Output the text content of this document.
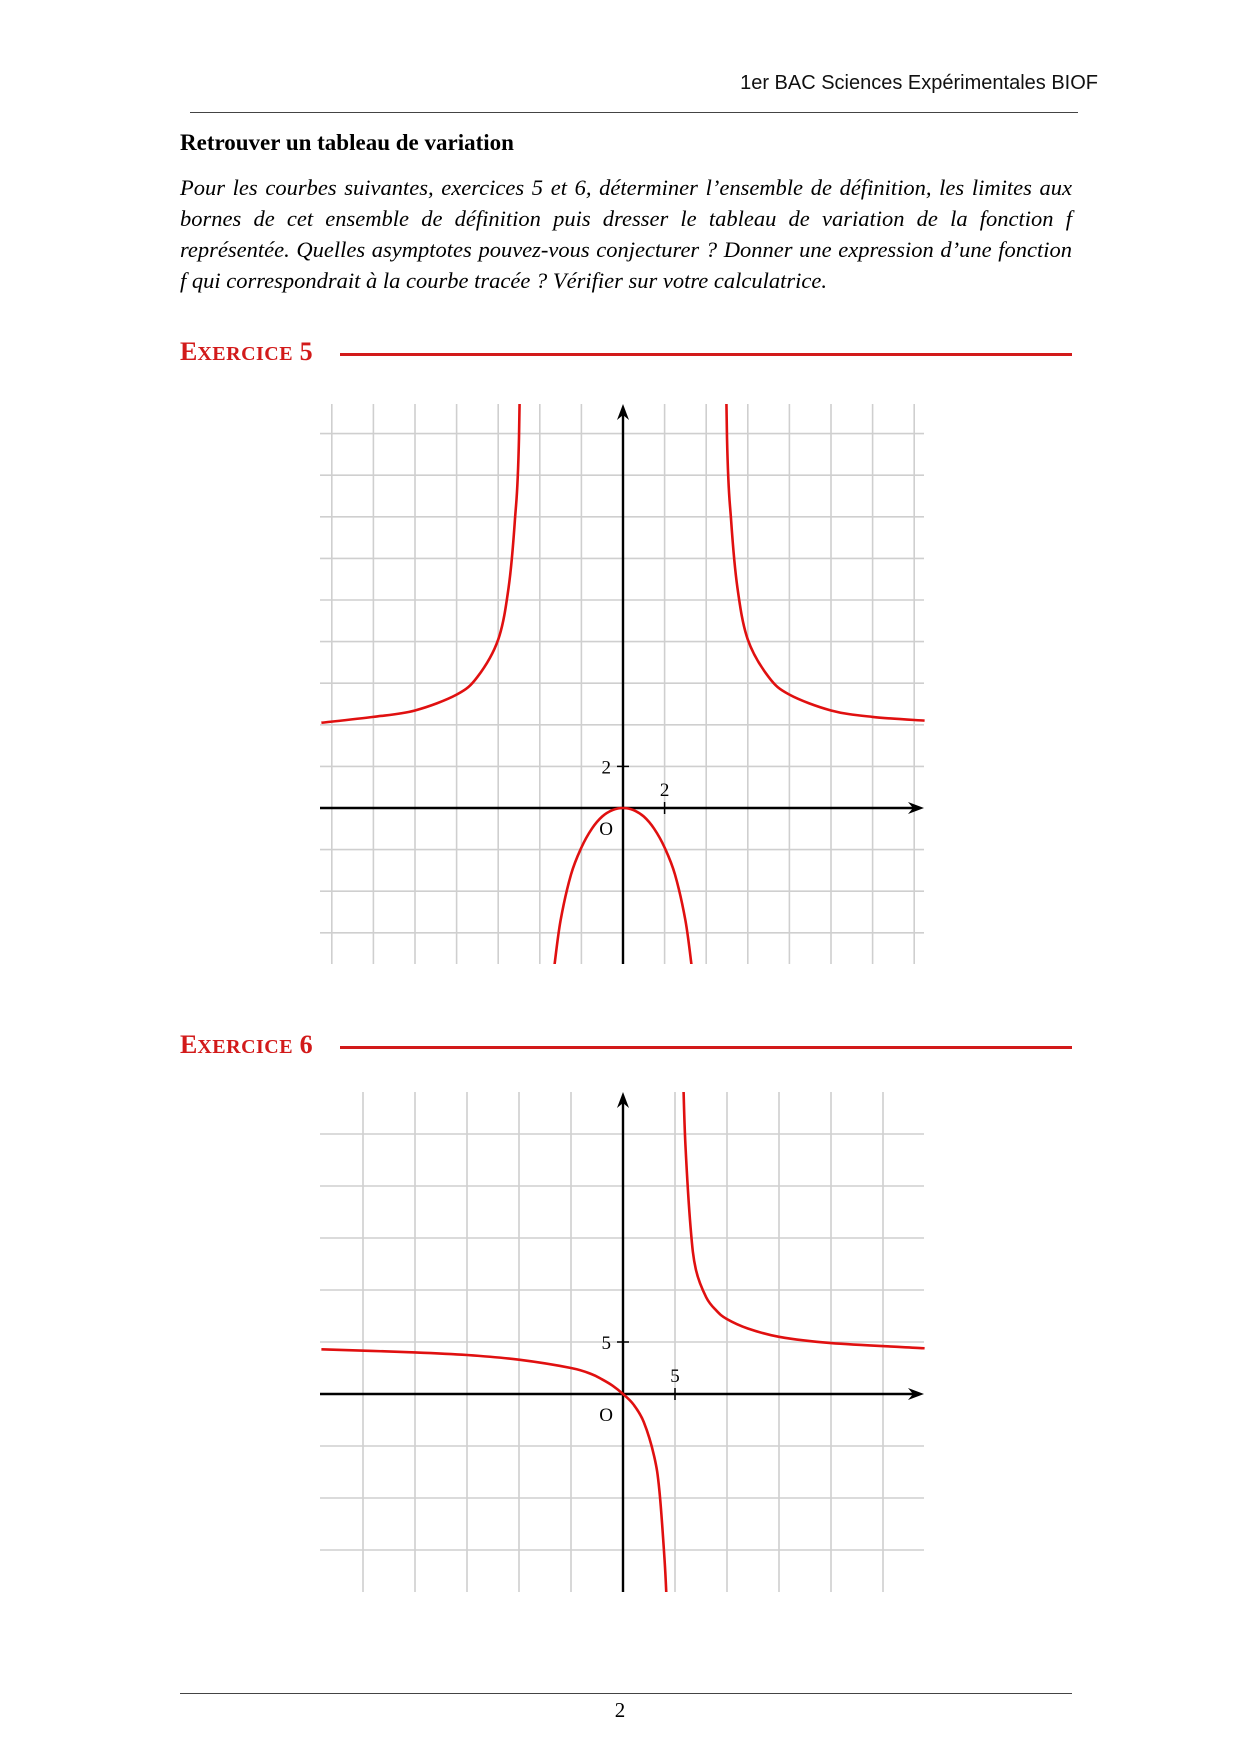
1er BAC Sciences Expérimentales BIOF
Retrouver un tableau de variation

Pour les courbes suivantes, exercices 5 et 6, déterminer l’ensemble de définition, les limites aux bornes de cet ensemble de définition puis dresser le tableau de variation de la fonction f représentée. Quelles asymptotes pouvez-vous conjecturer ? Donner une expression d’une fonction f qui correspondrait à la courbe tracée ? Vérifier sur votre calculatrice.

EXERCICE 5
2
2
O
EXERCICE 6
5
5
O
2
